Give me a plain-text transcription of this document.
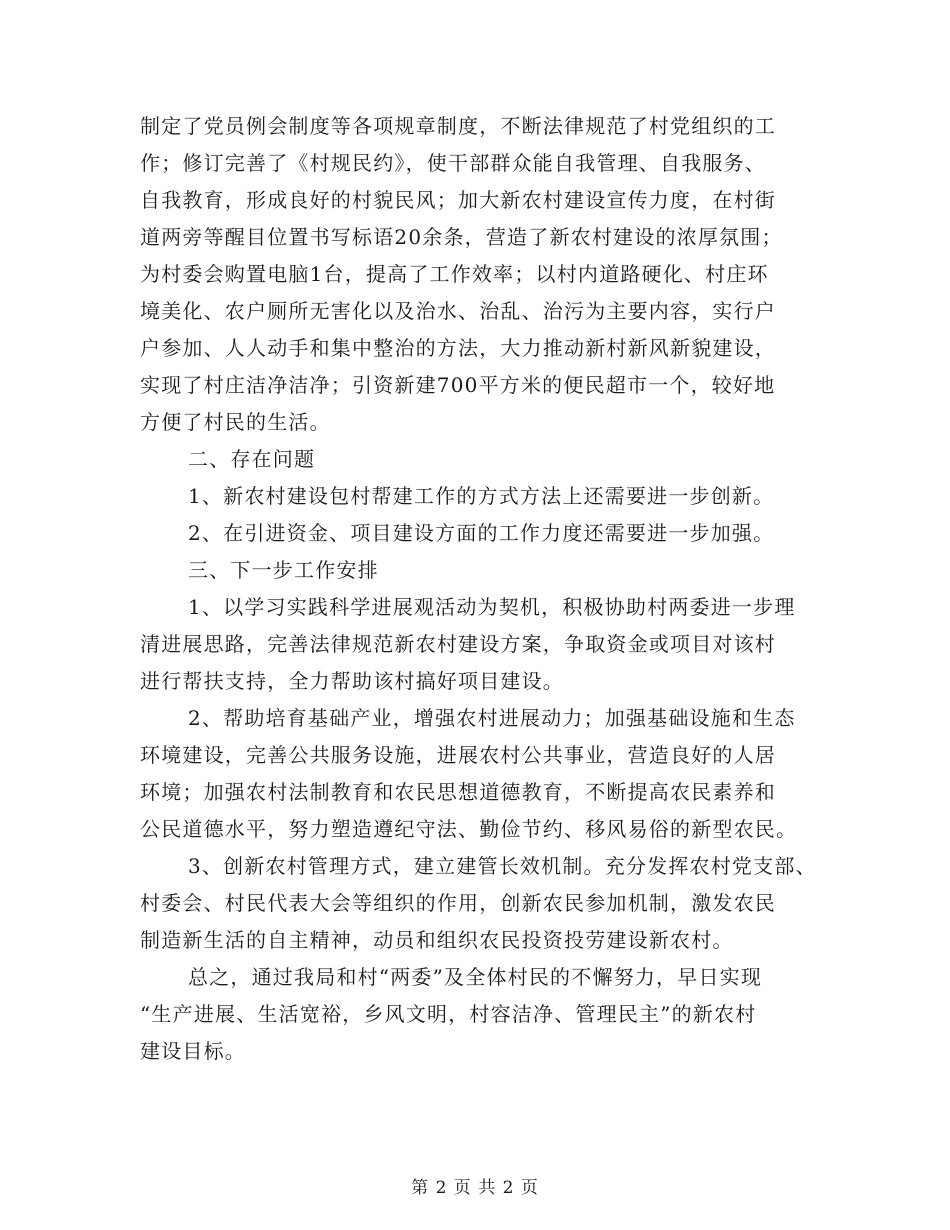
制定了党员例会制度等各项规章制度，不断法律规范了村党组织的工
作；修订完善了《村规民约》，使干部群众能自我管理、自我服务、
自我教育，形成良好的村貌民风；加大新农村建设宣传力度，在村街
道两旁等醒目位置书写标语20余条，营造了新农村建设的浓厚氛围；
为村委会购置电脑1台，提高了工作效率；以村内道路硬化、村庄环
境美化、农户厕所无害化以及治水、治乱、治污为主要内容，实行户
户参加、人人动手和集中整治的方法，大力推动新村新风新貌建设，
实现了村庄洁净洁净；引资新建700平方米的便民超市一个，较好地
方便了村民的生活。
二、存在问题
1、新农村建设包村帮建工作的方式方法上还需要进一步创新。
2、在引进资金、项目建设方面的工作力度还需要进一步加强。
三、下一步工作安排
1、以学习实践科学进展观活动为契机，积极协助村两委进一步理
清进展思路，完善法律规范新农村建设方案，争取资金或项目对该村
进行帮扶支持，全力帮助该村搞好项目建设。
2、帮助培育基础产业，增强农村进展动力；加强基础设施和生态
环境建设，完善公共服务设施，进展农村公共事业，营造良好的人居
环境；加强农村法制教育和农民思想道德教育，不断提高农民素养和
公民道德水平，努力塑造遵纪守法、勤俭节约、移风易俗的新型农民。
3、创新农村管理方式，建立建管长效机制。充分发挥农村党支部、
村委会、村民代表大会等组织的作用，创新农民参加机制，激发农民
制造新生活的自主精神，动员和组织农民投资投劳建设新农村。
总之，通过我局和村“两委”及全体村民的不懈努力，早日实现
“生产进展、生活宽裕，乡风文明，村容洁净、管理民主”的新农村
建设目标。
第 2 页 共 2 页
